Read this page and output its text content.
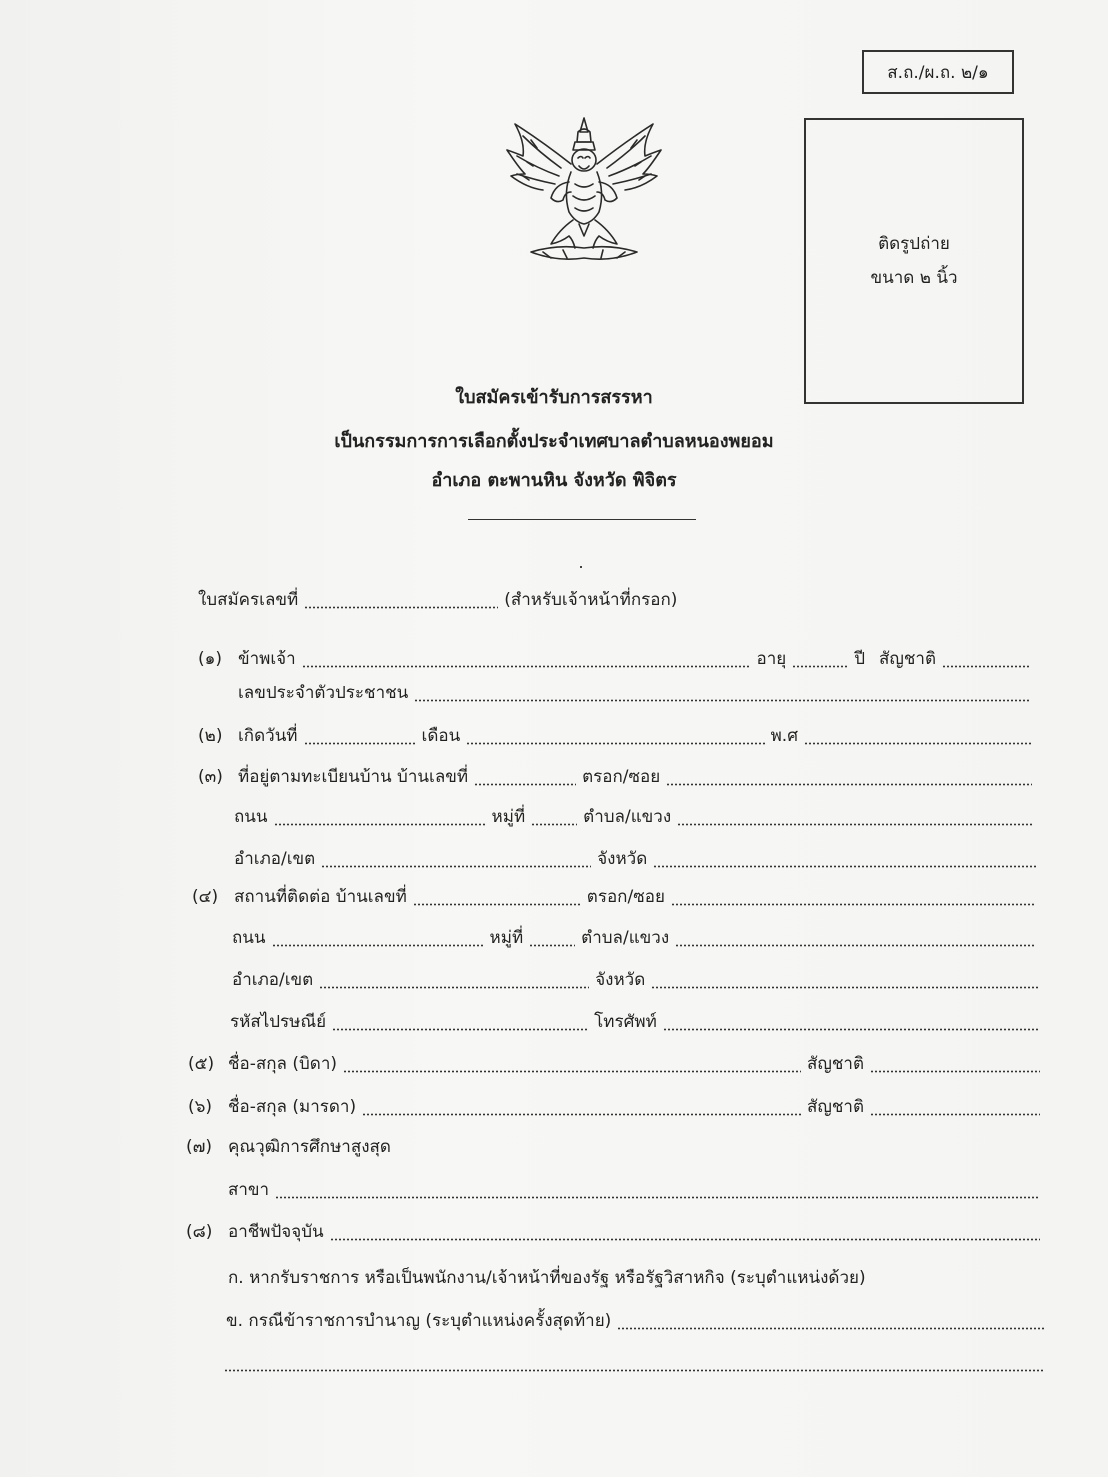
ส.ถ./ผ.ถ. ๒/๑
ติดรูปถ่าย
ขนาด ๒ นิ้ว
ใบสมัครเข้ารับการสรรหา
เป็นกรรมการการเลือกตั้งประจำเทศบาลตำบลหนองพยอม
อำเภอ ตะพานหิน จังหวัด พิจิตร
ใบสมัครเลขที่	(สำหรับเจ้าหน้าที่กรอก)
(๑) ข้าพเจ้า	อายุ	ปี สัญชาติ
เลขประจำตัวประชาชน
(๒) เกิดวันที่	เดือน	พ.ศ
(๓) ที่อยู่ตามทะเบียนบ้าน บ้านเลขที่	ตรอก/ซอย
ถนน	หมู่ที่	ตำบล/แขวง
อำเภอ/เขต	จังหวัด
(๔) สถานที่ติดต่อ บ้านเลขที่	ตรอก/ซอย
ถนน	หมู่ที่	ตำบล/แขวง
อำเภอ/เขต	จังหวัด
รหัสไปรษณีย์	โทรศัพท์
(๕) ชื่อ-สกุล (บิดา)	สัญชาติ
(๖) ชื่อ-สกุล (มารดา)	สัญชาติ
(๗) คุณวุฒิการศึกษาสูงสุด
สาขา
(๘) อาชีพปัจจุบัน
ก. หากรับราชการ หรือเป็นพนักงาน/เจ้าหน้าที่ของรัฐ หรือรัฐวิสาหกิจ (ระบุตำแหน่งด้วย)
ข. กรณีข้าราชการบำนาญ (ระบุตำแหน่งครั้งสุดท้าย)
